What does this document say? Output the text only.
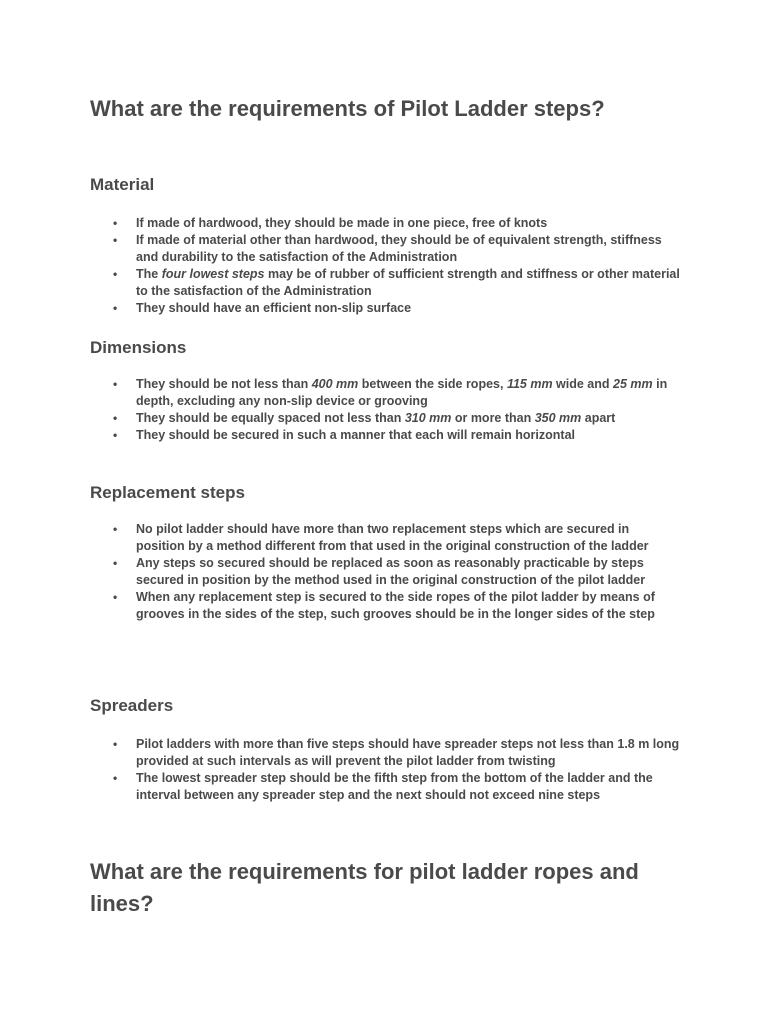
What are the requirements of Pilot Ladder steps?
Material
• If made of hardwood, they should be made in one piece, free of knots
• If made of material other than hardwood, they should be of equivalent strength, stiffness and durability to the satisfaction of the Administration
• The four lowest steps may be of rubber of sufficient strength and stiffness or other material to the satisfaction of the Administration
• They should have an efficient non-slip surface
Dimensions
• They should be not less than 400 mm between the side ropes, 115 mm wide and 25 mm in depth, excluding any non-slip device or grooving
• They should be equally spaced not less than 310 mm or more than 350 mm apart
• They should be secured in such a manner that each will remain horizontal
Replacement steps
• No pilot ladder should have more than two replacement steps which are secured in position by a method different from that used in the original construction of the ladder
• Any steps so secured should be replaced as soon as reasonably practicable by steps secured in position by the method used in the original construction of the pilot ladder
• When any replacement step is secured to the side ropes of the pilot ladder by means of grooves in the sides of the step, such grooves should be in the longer sides of the step
Spreaders
• Pilot ladders with more than five steps should have spreader steps not less than 1.8 m long provided at such intervals as will prevent the pilot ladder from twisting
• The lowest spreader step should be the fifth step from the bottom of the ladder and the interval between any spreader step and the next should not exceed nine steps
What are the requirements for pilot ladder ropes and lines?
